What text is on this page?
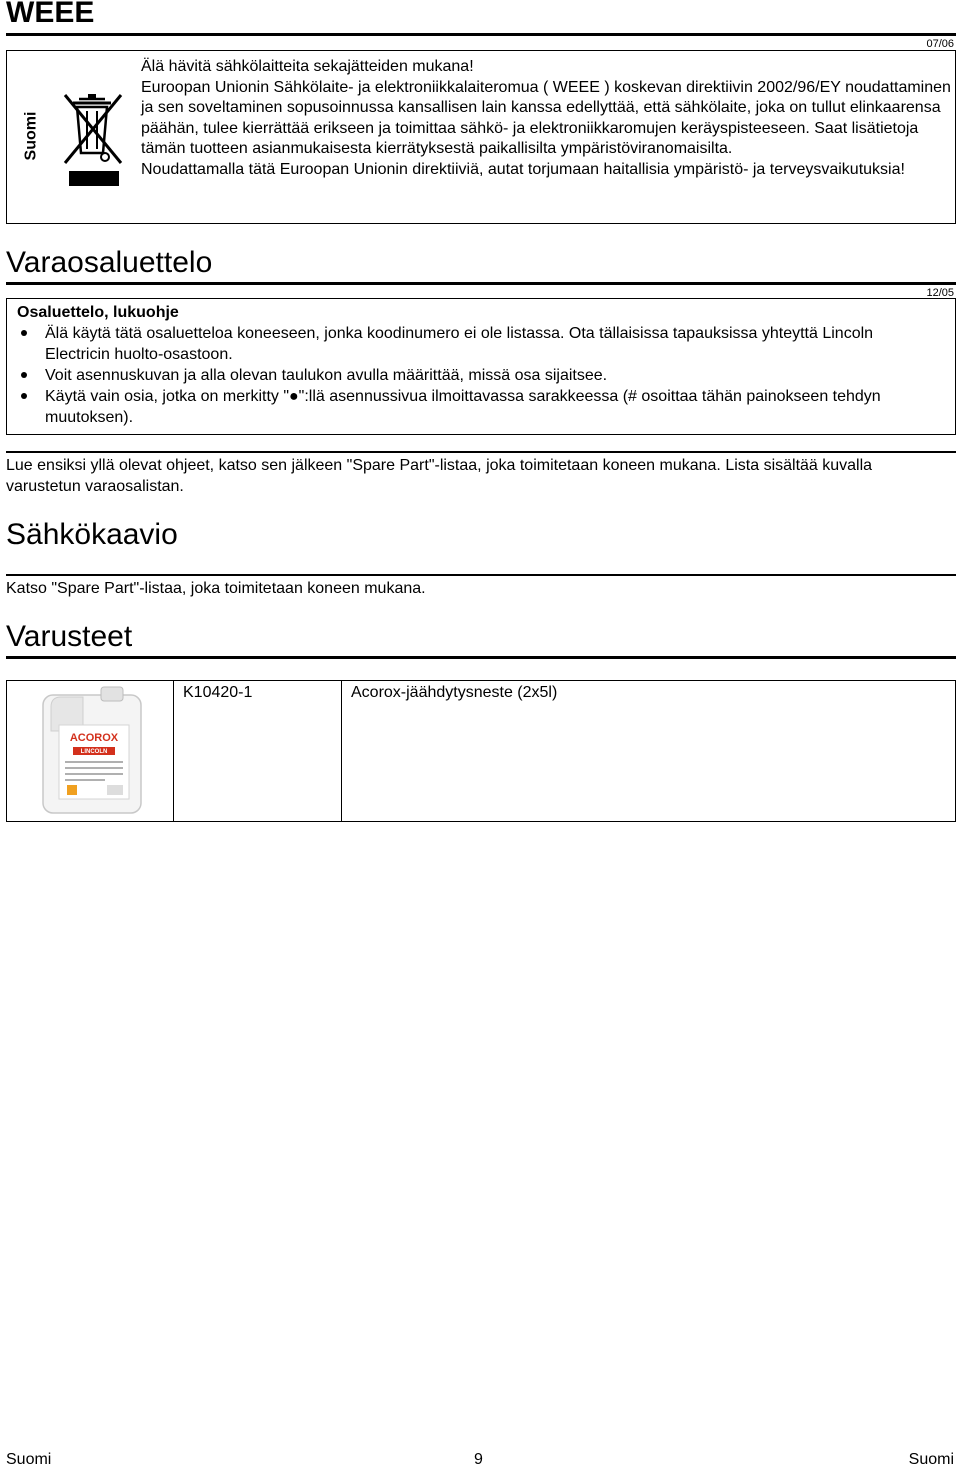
WEEE
07/06
Suomi
Älä hävitä sähkölaitteita sekajätteiden mukana!
Euroopan Unionin Sähkölaite- ja elektroniikkalaiteromua ( WEEE ) koskevan direktiivin 2002/96/EY noudattaminen ja sen soveltaminen sopusoinnussa kansallisen lain kanssa edellyttää, että sähkölaite, joka on tullut elinkaarensa päähän, tulee kierrättää erikseen ja toimittaa sähkö- ja elektroniikkaromujen keräyspisteeseen. Saat lisätietoja tämän tuotteen asianmukaisesta kierrätyksestä paikallisilta ympäristöviranomaisilta.
Noudattamalla tätä Euroopan Unionin direktiiviä, autat torjumaan haitallisia ympäristö- ja terveysvaikutuksia!
Varaosaluettelo
12/05
Osaluettelo, lukuohje
Älä käytä tätä osaluetteloa koneeseen, jonka koodinumero ei ole listassa. Ota tällaisissa tapauksissa yhteyttä Lincoln Electricin huolto-osastoon.
Voit asennuskuvan ja alla olevan taulukon avulla määrittää, missä osa sijaitsee.
Käytä vain osia, jotka on merkitty "●":llä asennussivua ilmoittavassa sarakkeessa (# osoittaa tähän painokseen tehdyn muutoksen).
Lue ensiksi yllä olevat ohjeet, katso sen jälkeen "Spare Part"-listaa, joka toimitetaan koneen mukana. Lista sisältää kuvalla varustetun varaosalistan.
Sähkökaavio
Katso "Spare Part"-listaa, joka toimitetaan koneen mukana.
Varusteet
ACOROX
LINCOLN

K10420-1	Acorox-jäähdytysneste (2x5l)
Suomi	9	Suomi
